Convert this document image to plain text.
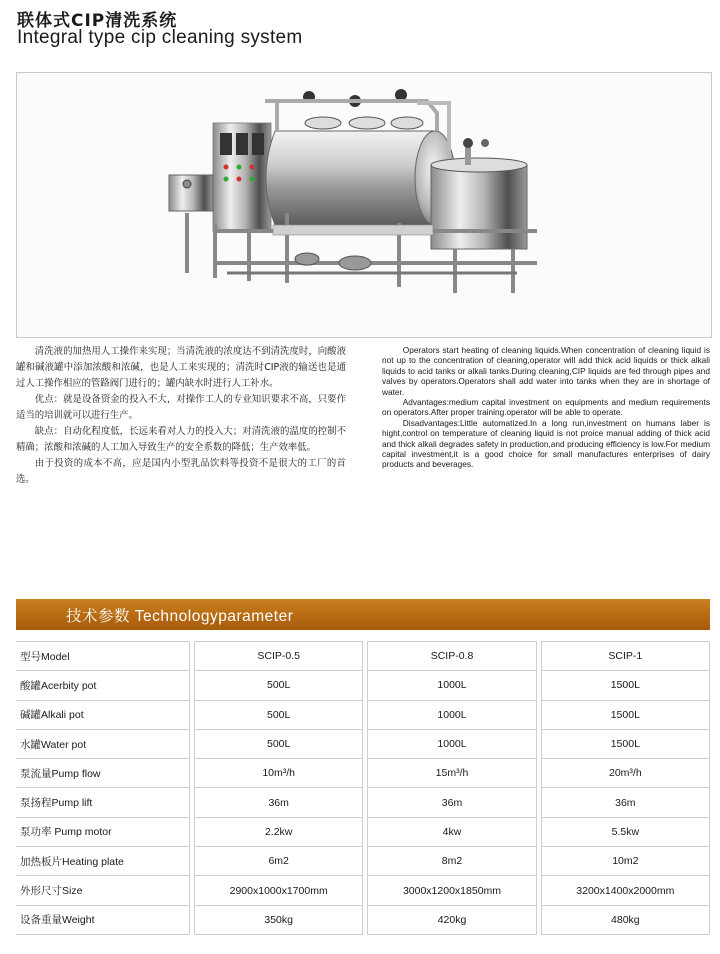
联体式CIP清洗系统
Integral type cip cleaning system

清洗液的加热用人工操作来实现；当清洗液的浓度达不到清洗度时，向酸液罐和碱液罐中添加浓酸和浓碱，也是人工来实现的；清洗时CIP液的输送也是通过人工操作相应的管路阀门进行的；罐内缺水时进行人工补水。

优点：就是设备资金的投入不大，对操作工人的专业知识要求不高，只要作适当的培训就可以进行生产。

缺点：自动化程度低，长远来看对人力的投入大；对清洗液的温度的控制不精确；浓酸和浓碱的人工加入导致生产的安全系数的降低；生产效率低。

由于投资的成本不高，应是国内小型乳品饮料等投资不是很大的工厂的首选。

Operators start heating of cleaning liquids.When concentration of cleaning liquid is not up to the concentration of cleaning,operator will add thick acid liquids or thick alkali liquids to acid tanks or alkali tanks.During cleaning,CIP liquids are fed through pipes and valves by operators.Operators shall add water into tanks when they are in shortage of water.

Advantages:medium capital investment on equipments and medium requirements on operators.After proper training.operator will be able to operate.

Disadvantages:Little automatized.In a long run,investment on humans laber is hight,control on temperature of cleaning liquid is not proice manual adding of thick acid and thick alkali degrades safety in production,and producing efficiency is low.For medium capital investment,it is a good choice for small manufactures enterprises of dairy products and beverages.

技术参数 Technologyparameter
型号Model		SCIP-0.5		SCIP-0.8		SCIP-1
酸罐Acerbity pot		500L		1000L		1500L
碱罐Alkali pot		500L		1000L		1500L
水罐Water pot		500L		1000L		1500L
泵流量Pump flow		10m³/h		15m³/h		20m³/h
泵扬程Pump lift		36m		36m		36m
泵功率 Pump motor		2.2kw		4kw		5.5kw
加热板片Heating plate		6m2		8m2		10m2
外形尺寸Size		2900x1000x1700mm		3000x1200x1850mm		3200x1400x2000mm
设备重量Weight		350kg		420kg		480kg
